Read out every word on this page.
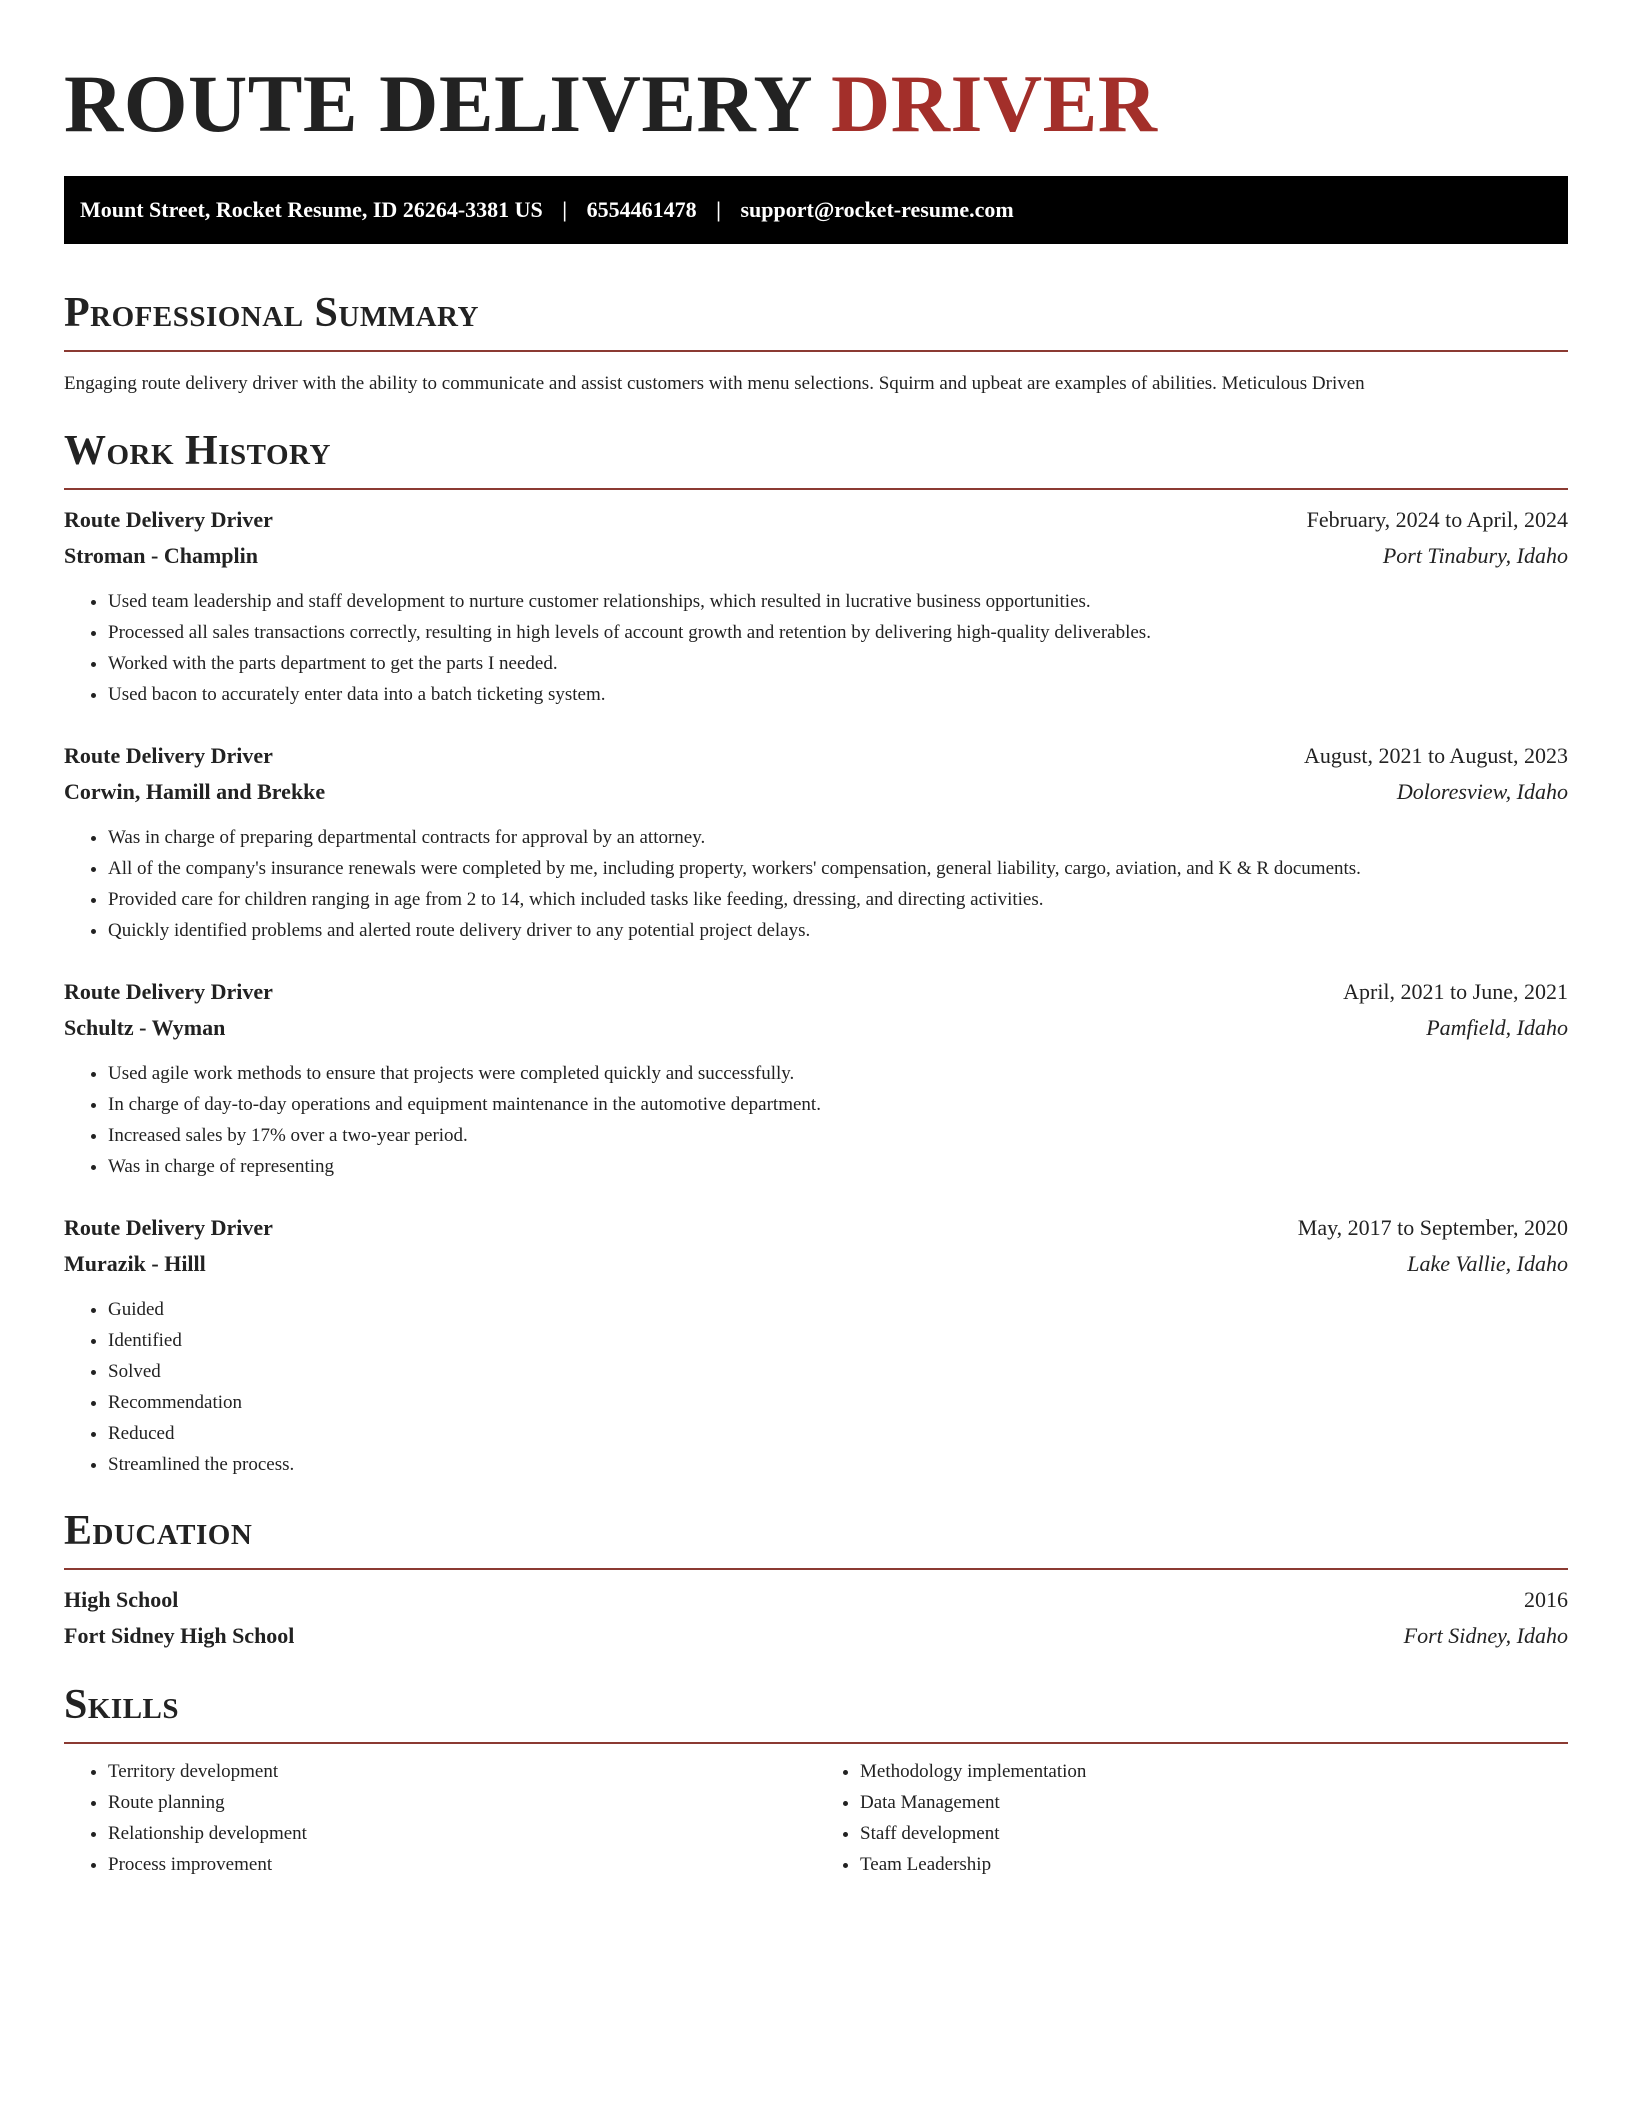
ROUTE DELIVERY DRIVER
Mount Street, Rocket Resume, ID 26264-3381 US | 6554461478 | support@rocket-resume.com
Professional Summary
Engaging route delivery driver with the ability to communicate and assist customers with menu selections. Squirm and upbeat are examples of abilities. Meticulous Driven
Work History
Route Delivery Driver	February, 2024 to April, 2024
Stroman - Champlin	Port Tinabury, Idaho
• Used team leadership and staff development to nurture customer relationships, which resulted in lucrative business opportunities.
• Processed all sales transactions correctly, resulting in high levels of account growth and retention by delivering high-quality deliverables.
• Worked with the parts department to get the parts I needed.
• Used bacon to accurately enter data into a batch ticketing system.
Route Delivery Driver	August, 2021 to August, 2023
Corwin, Hamill and Brekke	Doloresview, Idaho
• Was in charge of preparing departmental contracts for approval by an attorney.
• All of the company's insurance renewals were completed by me, including property, workers' compensation, general liability, cargo, aviation, and K & R documents.
• Provided care for children ranging in age from 2 to 14, which included tasks like feeding, dressing, and directing activities.
• Quickly identified problems and alerted route delivery driver to any potential project delays.
Route Delivery Driver	April, 2021 to June, 2021
Schultz - Wyman	Pamfield, Idaho
• Used agile work methods to ensure that projects were completed quickly and successfully.
• In charge of day-to-day operations and equipment maintenance in the automotive department.
• Increased sales by 17% over a two-year period.
• Was in charge of representing
Route Delivery Driver	May, 2017 to September, 2020
Murazik - Hilll	Lake Vallie, Idaho
• Guided
• Identified
• Solved
• Recommendation
• Reduced
• Streamlined the process.
Education
High School	2016
Fort Sidney High School	Fort Sidney, Idaho
Skills
• Territory development
• Route planning
• Relationship development
• Process improvement
• Methodology implementation
• Data Management
• Staff development
• Team Leadership
